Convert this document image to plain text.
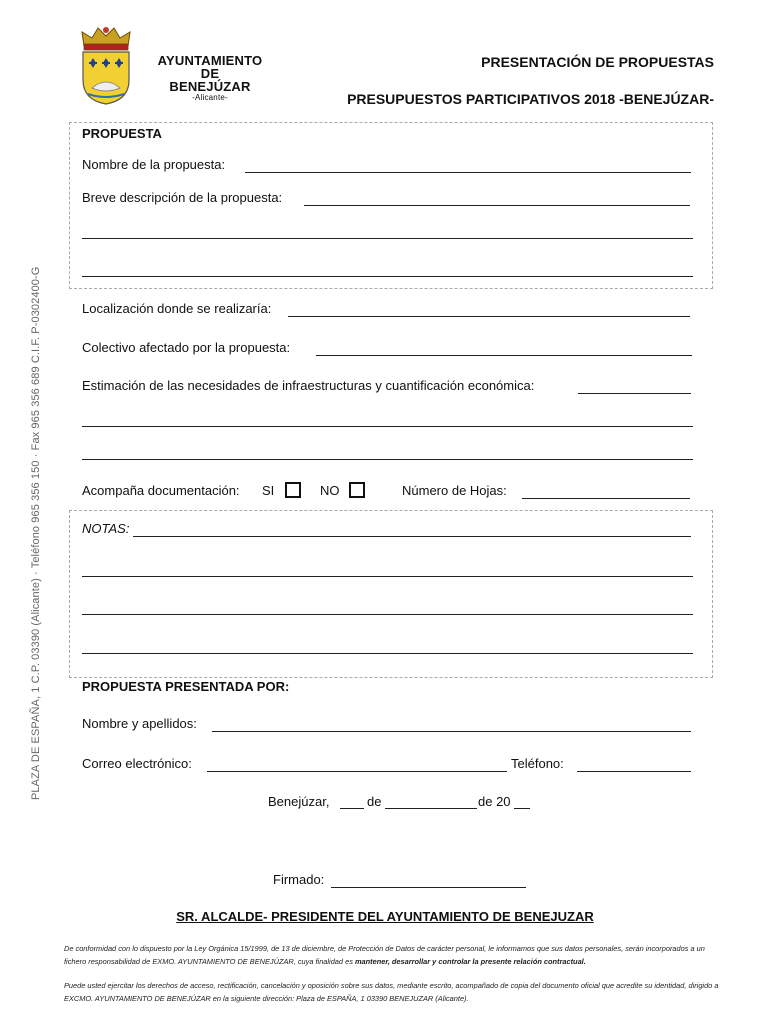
AYUNTAMIENTO
DE
BENEJÚZAR
-Alicante-
PRESENTACIÓN DE PROPUESTAS
PRESUPUESTOS PARTICIPATIVOS 2018 -BENEJÚZAR-
PLAZA DE ESPAÑA, 1 C.P. 03390 (Alicante) · Teléfono 965 356 150 · Fax 965 356 689 C.I.F. P-0302400-G
PROPUESTA
Nombre de la propuesta:
Breve descripción de la propuesta:
Localización donde se realizaría:
Colectivo afectado por la propuesta:
Estimación de las necesidades de infraestructuras y cuantificación económica:
Acompaña documentación: SI	NO	Número de Hojas:
NOTAS:
PROPUESTA PRESENTADA POR:
Nombre y apellidos:
Correo electrónico:	Teléfono:
Benejúzar,	de	de 20
Firmado:
SR. ALCALDE- PRESIDENTE DEL AYUNTAMIENTO DE BENEJUZAR
De conformidad con lo dispuesto por la Ley Orgánica 15/1999, de 13 de diciembre, de Protección de Datos de carácter personal, le informamos que sus datos personales, serán incorporados a un fichero responsabilidad de EXMO. AYUNTAMIENTO DE BENEJÚZAR, cuya finalidad es mantener, desarrollar y controlar la presente relación contractual.
Puede usted ejercitar los derechos de acceso, rectificación, cancelación y oposición sobre sus datos, mediante escrito, acompañado de copia del documento oficial que acredite su identidad, dirigido a EXCMO. AYUNTAMIENTO DE BENEJÚZAR en la siguiente dirección: Plaza de ESPAÑA, 1 03390 BENEJUZAR (Alicante).
